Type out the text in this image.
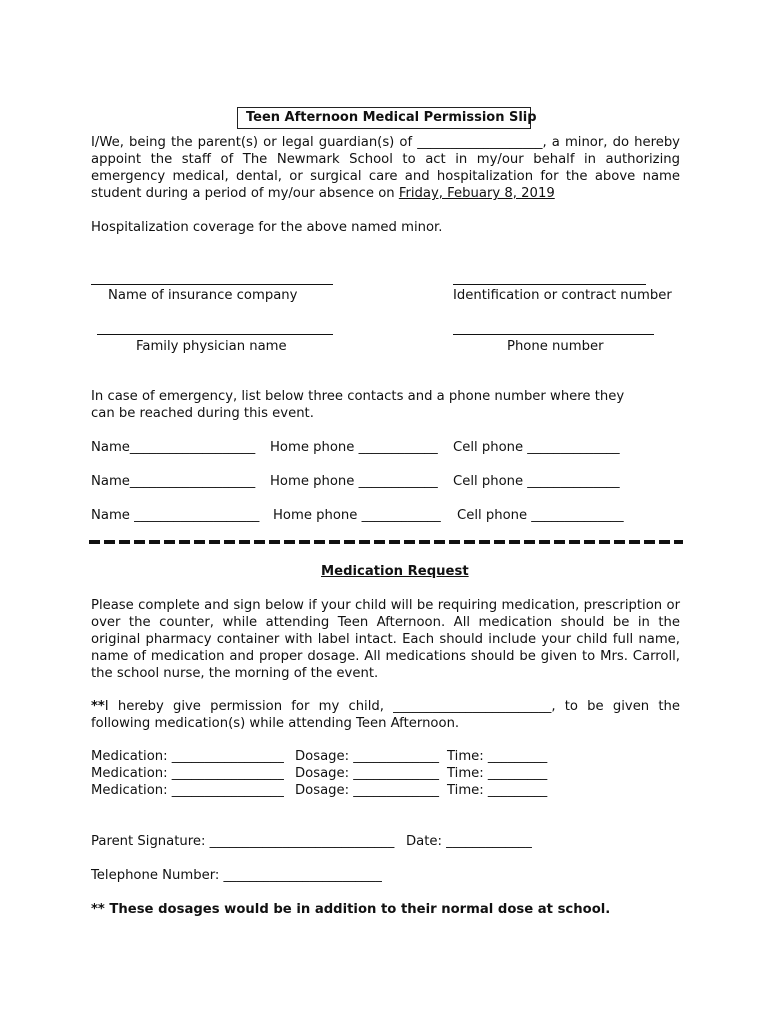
Teen Afternoon Medical Permission Slip
I/We, being the parent(s) or legal guardian(s) of ___________________, a minor, do hereby appoint the staff of The Newmark School to act in my/our behalf in authorizing emergency medical, dental, or surgical care and hospitalization for the above name student during a period of my/our absence on Friday, Febuary 8, 2019
Hospitalization coverage for the above named minor.
Name of insurance company	Identification or contract number
Family physician name	Phone number
In case of emergency, list below three contacts and a phone number where they can be reached during this event.
Name___________________ Home phone ____________ Cell phone ______________
Name___________________ Home phone ____________ Cell phone ______________
Name ___________________ Home phone ____________ Cell phone ______________
Medication Request
Please complete and sign below if your child will be requiring medication, prescription or over the counter, while attending Teen Afternoon. All medication should be in the original pharmacy container with label intact. Each should include your child full name, name of medication and proper dosage. All medications should be given to Mrs. Carroll, the school nurse, the morning of the event.
**I hereby give permission for my child, ________________________, to be given the following medication(s) while attending Teen Afternoon.
Medication: _________________ Dosage: _____________ Time: _________
Medication: _________________ Dosage: _____________ Time: _________
Medication: _________________ Dosage: _____________ Time: _________
Parent Signature: ____________________________ Date: _____________
Telephone Number: ________________________
** These dosages would be in addition to their normal dose at school.
